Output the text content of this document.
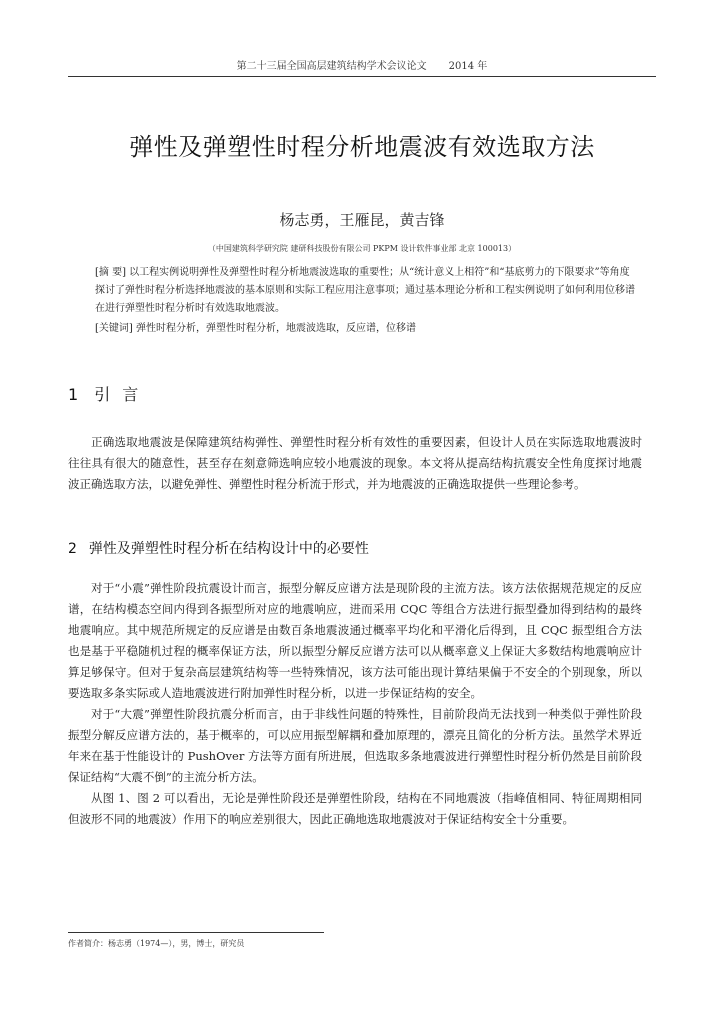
第二十三届全国高层建筑结构学术会议论文 2014 年
弹性及弹塑性时程分析地震波有效选取方法
杨志勇，王雁昆，黄吉锋
（中国建筑科学研究院 建研科技股份有限公司 PKPM 设计软件事业部 北京 100013）

[摘 要] 以工程实例说明弹性及弹塑性时程分析地震波选取的重要性；从“统计意义上相符”和“基底剪力的下限要求”等角度探讨了弹性时程分析选择地震波的基本原则和实际工程应用注意事项；通过基本理论分析和工程实例说明了如何利用位移谱在进行弹塑性时程分析时有效选取地震波。

[关键词] 弹性时程分析，弹塑性时程分析，地震波选取，反应谱，位移谱

1 引言

正确选取地震波是保障建筑结构弹性、弹塑性时程分析有效性的重要因素，但设计人员在实际选取地震波时往往具有很大的随意性，甚至存在刻意筛选响应较小地震波的现象。本文将从提高结构抗震安全性角度探讨地震波正确选取方法，以避免弹性、弹塑性时程分析流于形式，并为地震波的正确选取提供一些理论参考。

2 弹性及弹塑性时程分析在结构设计中的必要性

对于“小震”弹性阶段抗震设计而言，振型分解反应谱方法是现阶段的主流方法。该方法依据规范规定的反应谱，在结构模态空间内得到各振型所对应的地震响应，进而采用 CQC 等组合方法进行振型叠加得到结构的最终地震响应。其中规范所规定的反应谱是由数百条地震波通过概率平均化和平滑化后得到，且 CQC 振型组合方法也是基于平稳随机过程的概率保证方法，所以振型分解反应谱方法可以从概率意义上保证大多数结构地震响应计算足够保守。但对于复杂高层建筑结构等一些特殊情况，该方法可能出现计算结果偏于不安全的个别现象，所以要选取多条实际或人造地震波进行附加弹性时程分析，以进一步保证结构的安全。

对于“大震”弹塑性阶段抗震分析而言，由于非线性问题的特殊性，目前阶段尚无法找到一种类似于弹性阶段振型分解反应谱方法的，基于概率的，可以应用振型解耦和叠加原理的，漂亮且简化的分析方法。虽然学术界近年来在基于性能设计的 PushOver 方法等方面有所进展，但选取多条地震波进行弹塑性时程分析仍然是目前阶段保证结构“大震不倒”的主流分析方法。

从图 1、图 2 可以看出，无论是弹性阶段还是弹塑性阶段，结构在不同地震波（指峰值相同、特征周期相同但波形不同的地震波）作用下的响应差别很大，因此正确地选取地震波对于保证结构安全十分重要。

作者简介：杨志勇（1974—），男，博士，研究员
